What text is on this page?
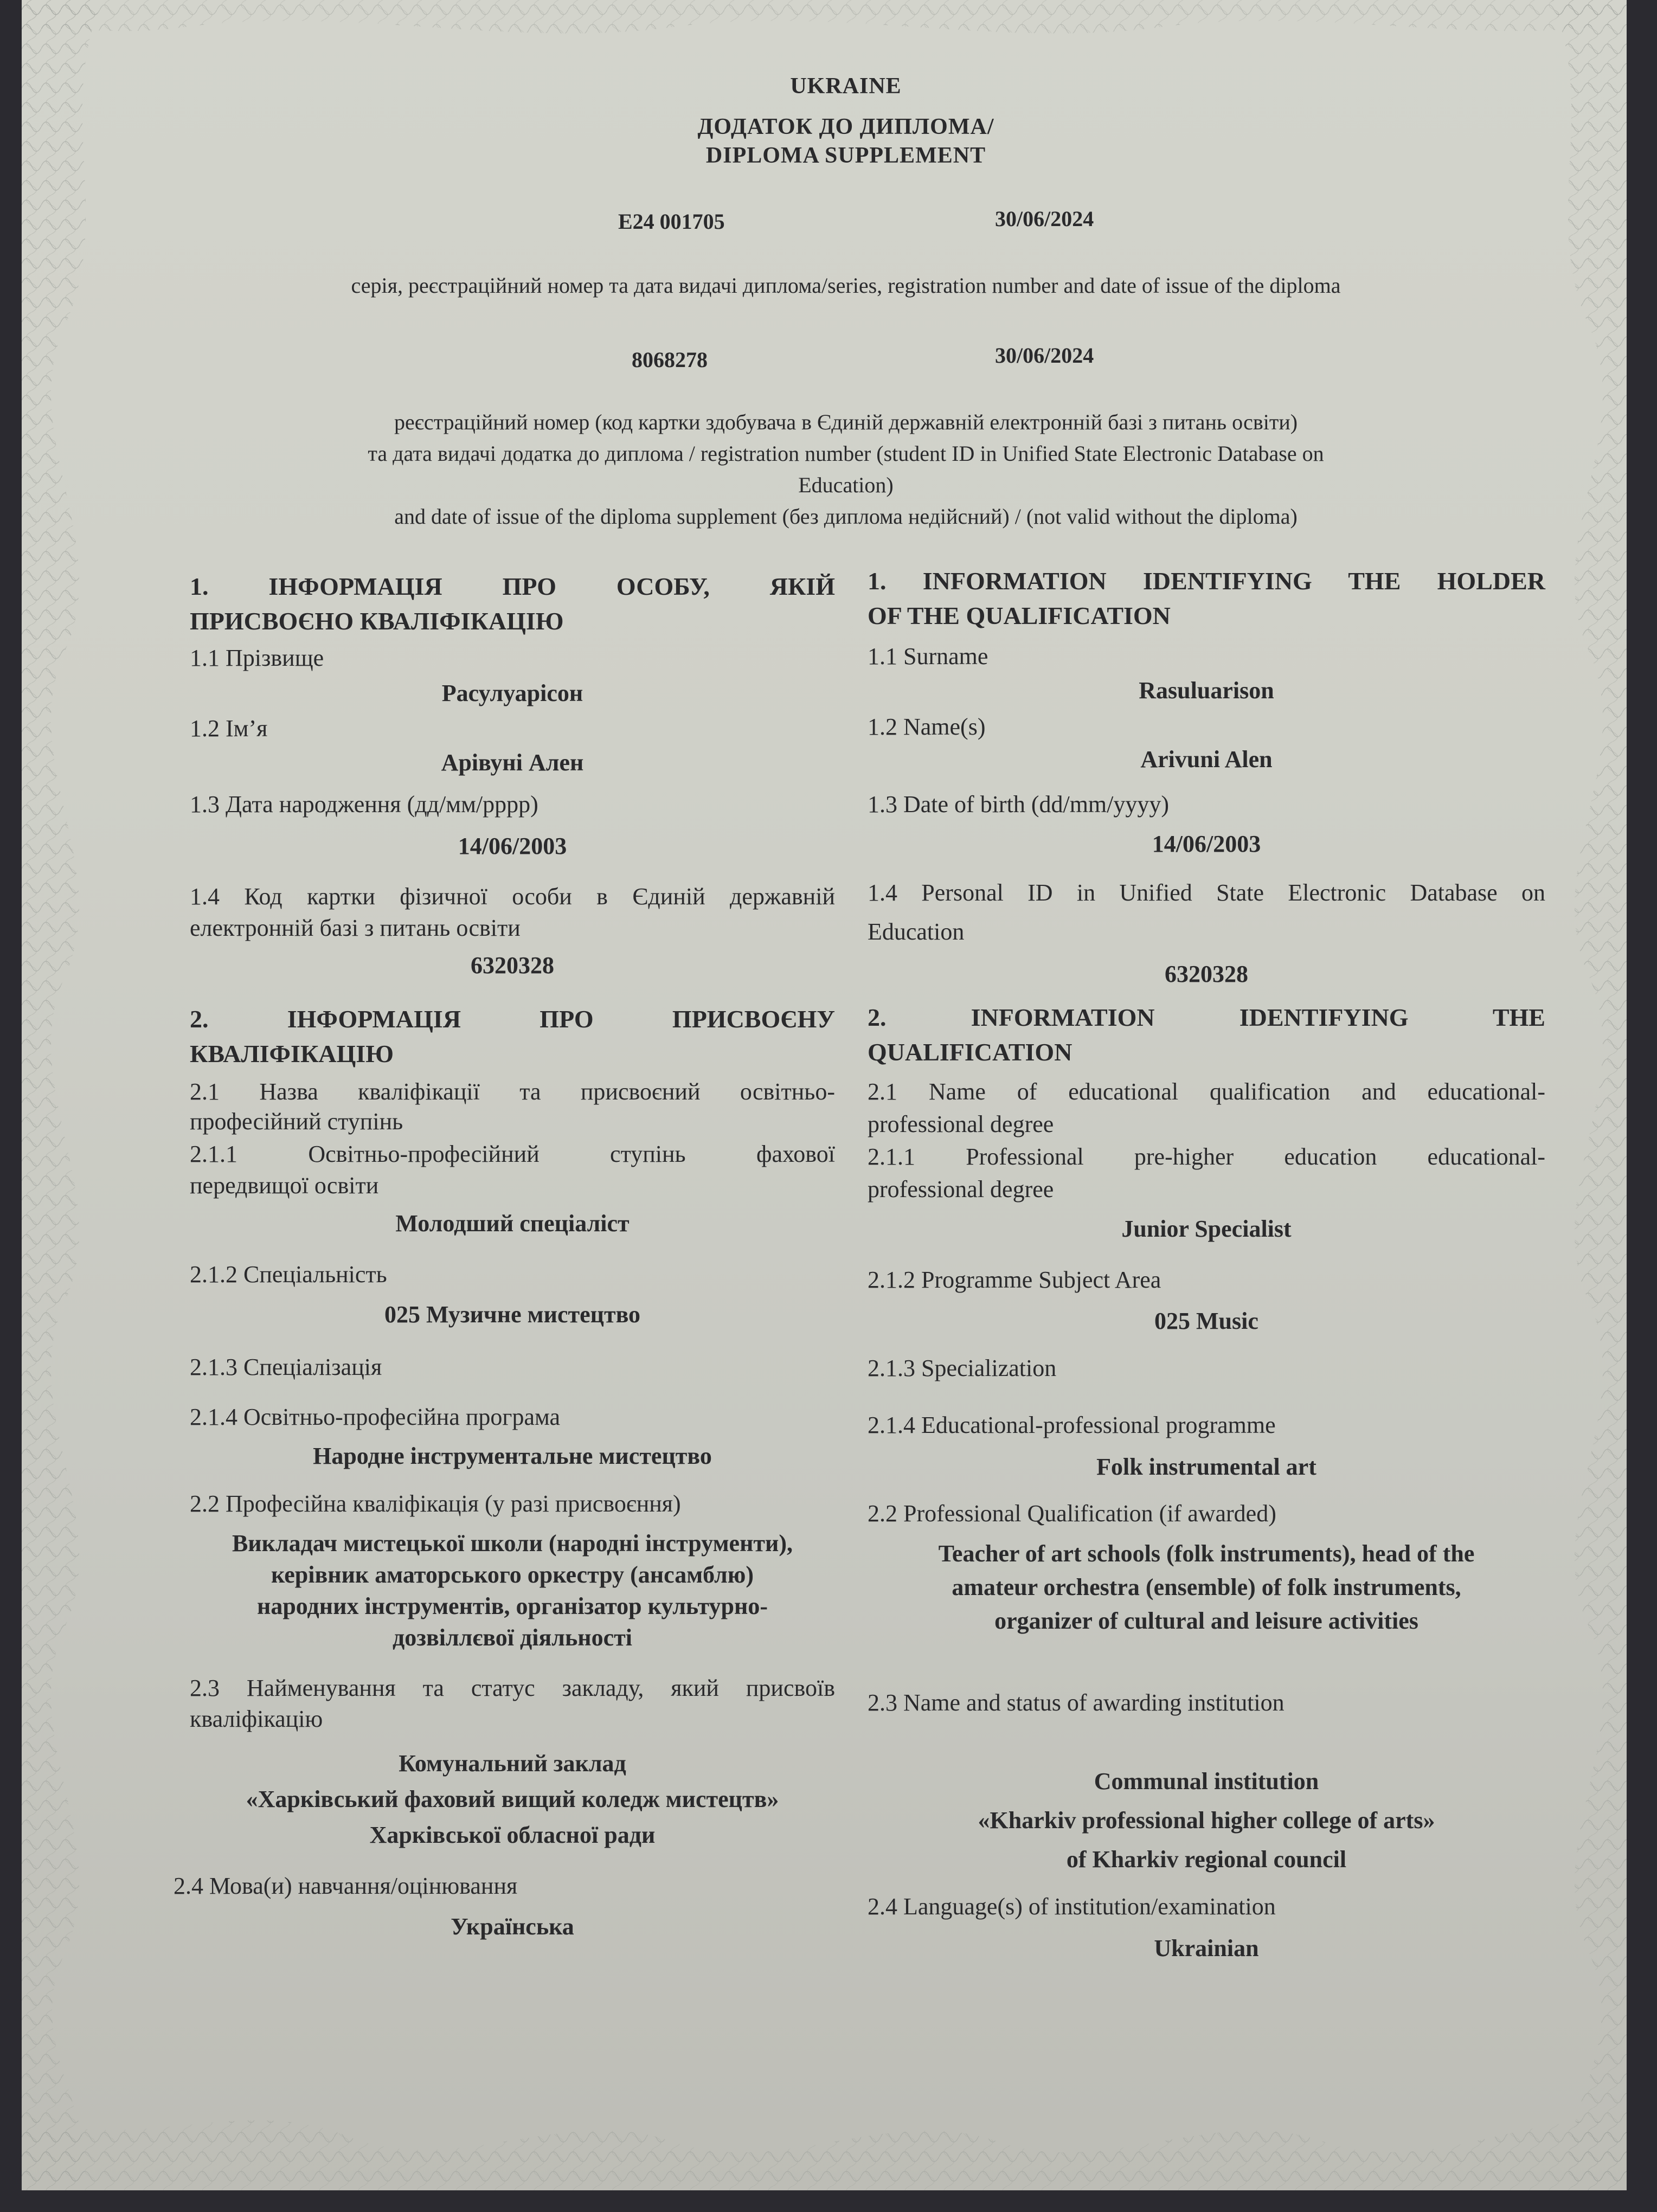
UKRAINE
ДОДАТОК ДО ДИПЛОМА/
DIPLOMA SUPPLEMENT
E24 001705	30/06/2024
серія, реєстраційний номер та дата видачі диплома/series, registration number and date of issue of the diploma
8068278	30/06/2024
реєстраційний номер (код картки здобувача в Єдиній державній електронній базі з питань освіти)
та дата видачі додатка до диплома / registration number (student ID in Unified State Electronic Database on
Education)
and date of issue of the diploma supplement (без диплома недійсний) / (not valid without the diploma)
1. ІНФОРМАЦІЯ ПРО ОСОБУ, ЯКІЙ
ПРИСВОЄНО КВАЛІФІКАЦІЮ
1.1 Прізвище
Расулуарісон
1.2 Ім’я
Арівуні Ален
1.3 Дата народження (дд/мм/рррр)
14/06/2003
1.4 Код картки фізичної особи в Єдиній державній
електронній базі з питань освіти
6320328
2. ІНФОРМАЦІЯ ПРО ПРИСВОЄНУ
КВАЛІФІКАЦІЮ
2.1 Назва кваліфікації та присвоєний освітньо-
професійний ступінь
2.1.1 Освітньо-професійний ступінь фахової
передвищої освіти
Молодший спеціаліст
2.1.2 Спеціальність
025 Музичне мистецтво
2.1.3 Спеціалізація
2.1.4 Освітньо-професійна програма
Народне інструментальне мистецтво
2.2 Професійна кваліфікація (у разі присвоєння)
Викладач мистецької школи (народні інструменти),
керівник аматорського оркестру (ансамблю)
народних інструментів, організатор культурно-
дозвіллєвої діяльності
2.3 Найменування та статус закладу, який присвоїв
кваліфікацію
Комунальний заклад
«Харківський фаховий вищий коледж мистецтв»
Харківської обласної ради
2.4 Мова(и) навчання/оцінювання
Українська
1. INFORMATION IDENTIFYING THE HOLDER
OF THE QUALIFICATION
1.1 Surname
Rasuluarison
1.2 Name(s)
Arivuni Alen
1.3 Date of birth (dd/mm/yyyy)
14/06/2003
1.4 Personal ID in Unified State Electronic Database on
Education
6320328
2. INFORMATION IDENTIFYING THE
QUALIFICATION
2.1 Name of educational qualification and educational-
professional degree
2.1.1 Professional pre-higher education educational-
professional degree
Junior Specialist
2.1.2 Programme Subject Area
025 Music
2.1.3 Specialization
2.1.4 Educational-professional programme
Folk instrumental art
2.2 Professional Qualification (if awarded)
Teacher of art schools (folk instruments), head of the
amateur orchestra (ensemble) of folk instruments,
organizer of cultural and leisure activities
2.3 Name and status of awarding institution
Communal institution
«Kharkiv professional higher college of arts»
of Kharkiv regional council
2.4 Language(s) of institution/examination
Ukrainian
